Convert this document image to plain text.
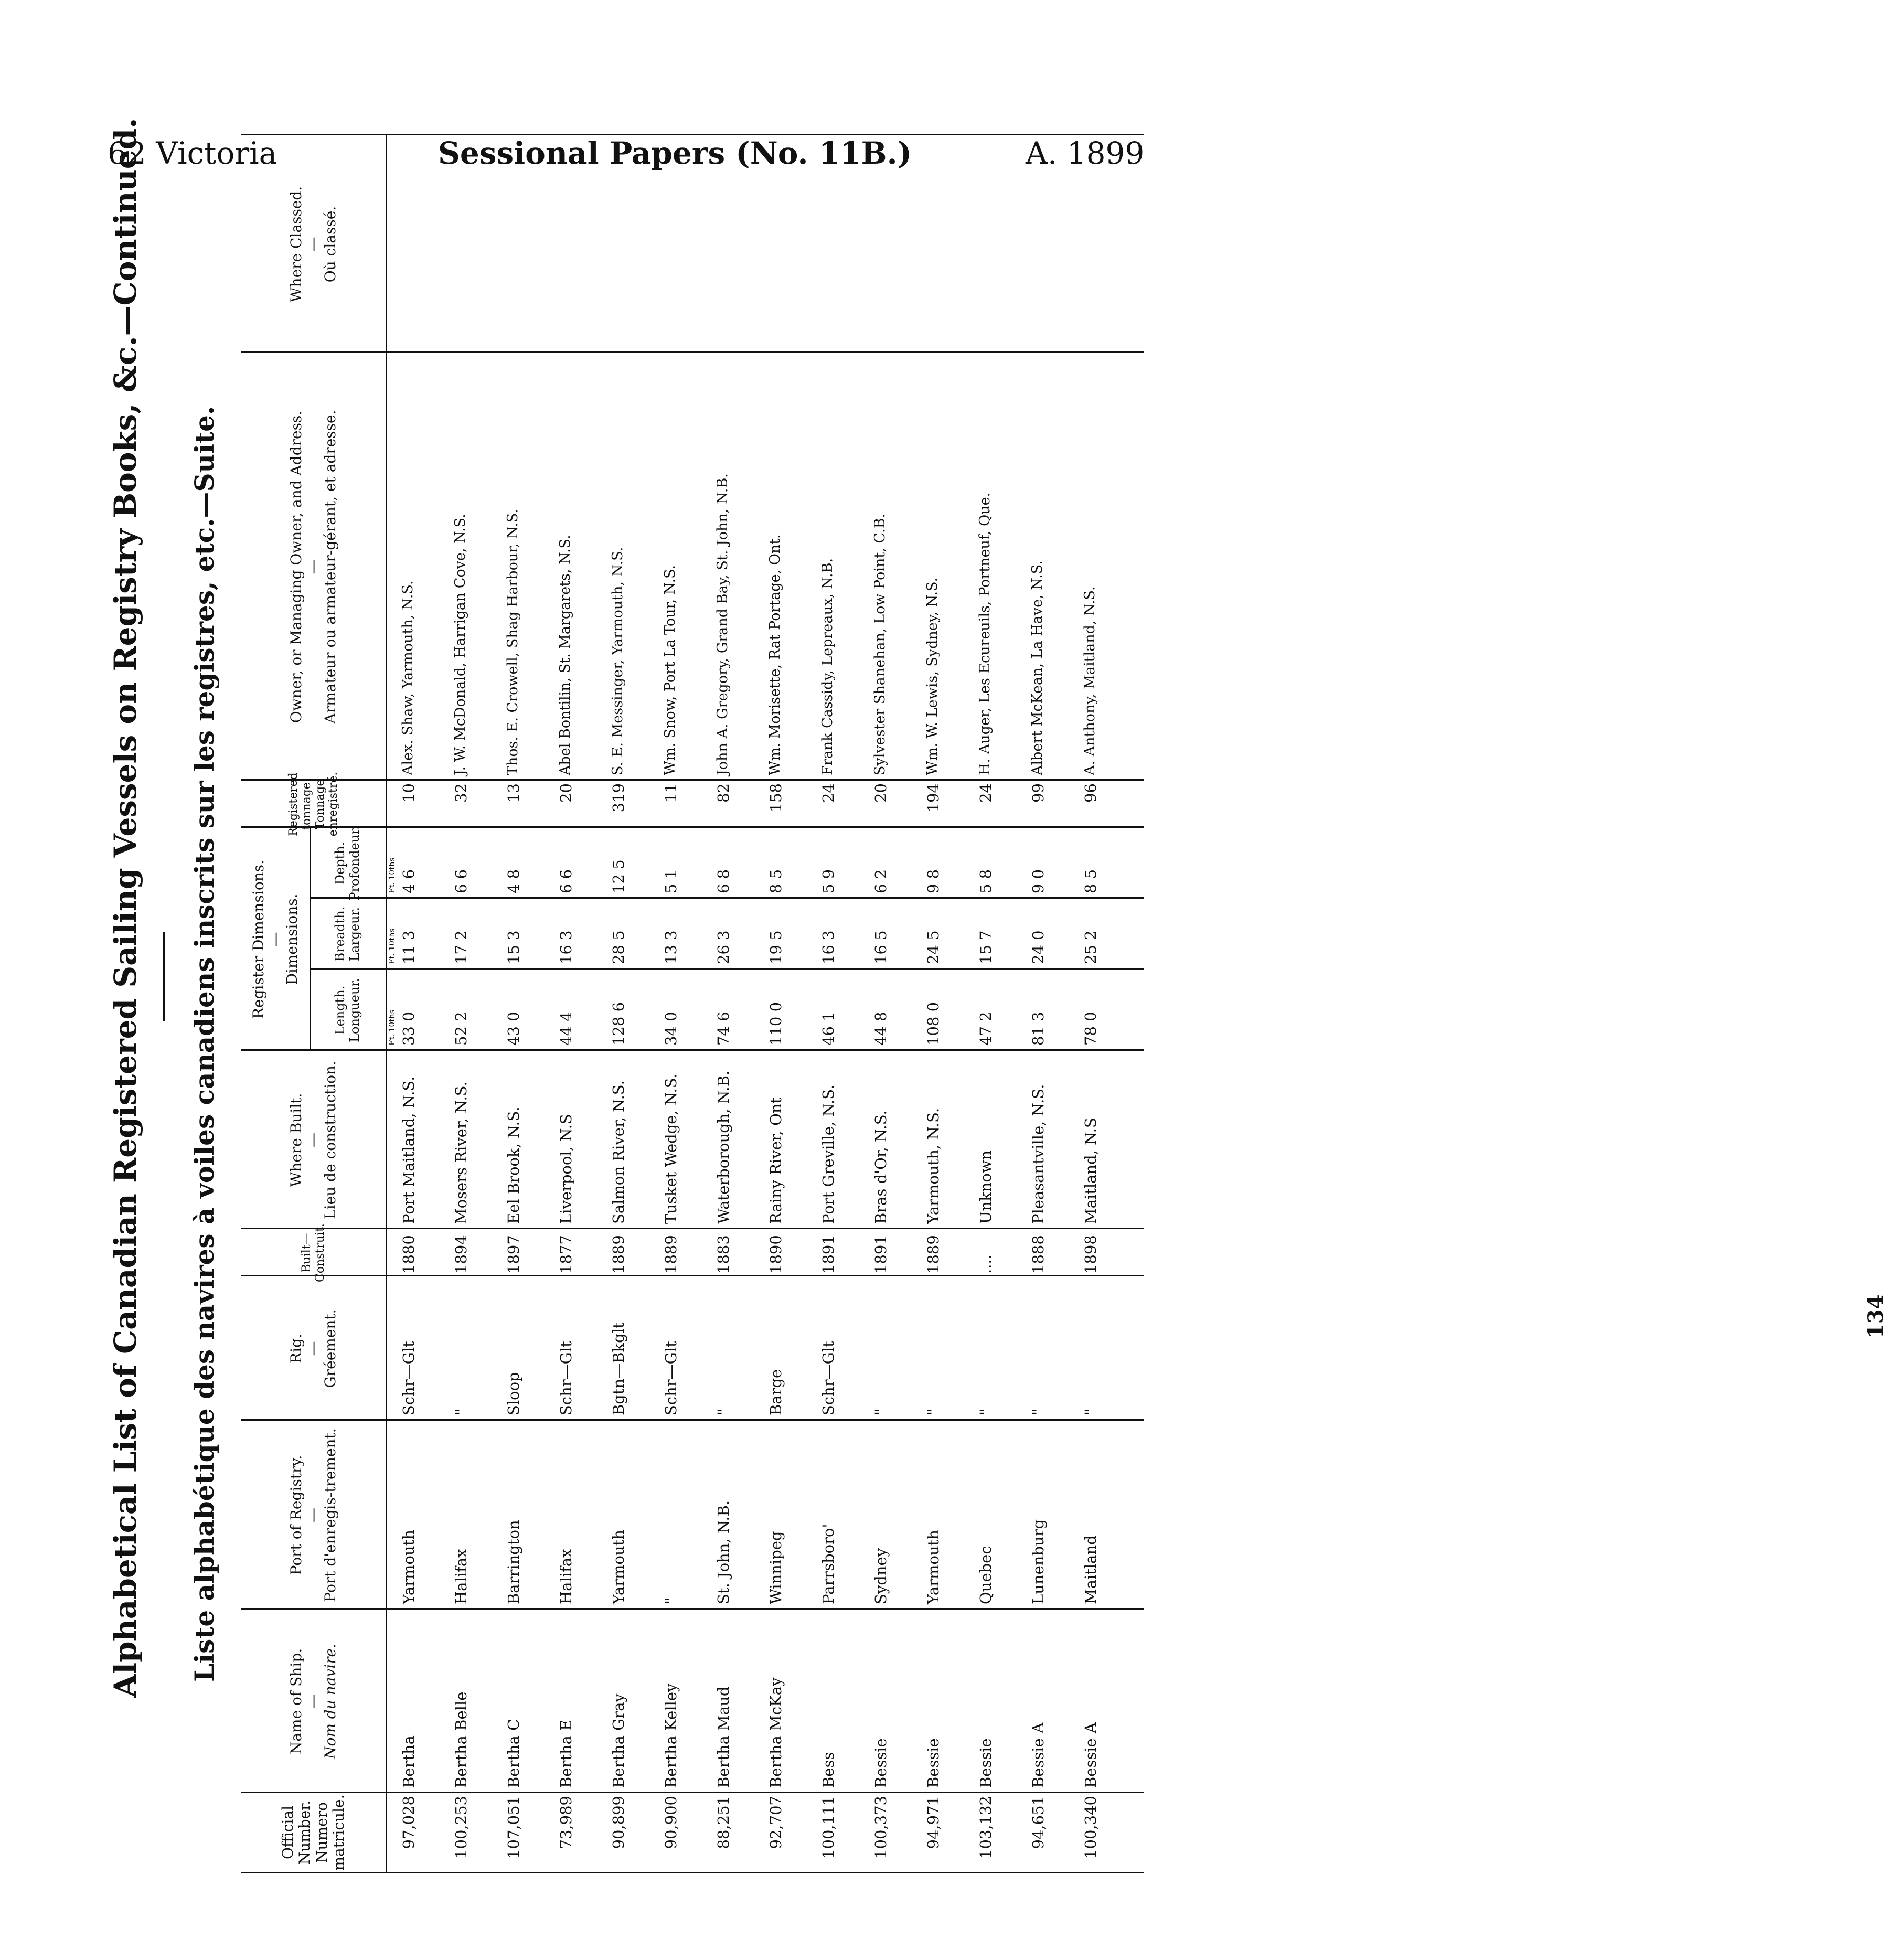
62 Victoria	Sessional Papers (No. 11B.)	A. 1899
Alphabetical List of Canadian Registered Sailing Vessels on Registry Books, &c.—Continued. Liste alphabétique des navires à voiles canadiens inscrits sur les registres, etc.—Suite.
Official Number. Numero matricule.
Name of Ship. — Nom du navire.
Port of Registry. — Port d'enregis-trement.
Rig. — Gréement.
Built—Construit.
Where Built. — Lieu de construction.
Register Dimensions. — Dimensions.
Length. Longueur.
Breadth. Largeur.
Depth. Profondeur.
Registered tonnage. Tonnage enregistré.
Owner, or Managing Owner, and Address. — Armateur ou armateur-gérant, et adresse.
Where Classed. — Où classé.
Ft. 10ths
Ft. 10ths
Ft. 10ths
97,028
Bertha
Yarmouth
Schr—Glt
1880
Port Maitland, N.S.
33 0
11 3
4 6
10
Alex. Shaw, Yarmouth, N.S.
100,253
Bertha Belle
Halifax
"
1894
Mosers River, N.S.
52 2
17 2
6 6
32
J. W. McDonald, Harrigan Cove, N.S.
107,051
Bertha C
Barrington
Sloop
1897
Eel Brook, N.S.
43 0
15 3
4 8
13
Thos. E. Crowell, Shag Harbour, N.S.
73,989
Bertha E
Halifax
Schr—Glt
1877
Liverpool, N.S
44 4
16 3
6 6
20
Abel Bontilin, St. Margarets, N.S.
90,899
Bertha Gray
Yarmouth
Bgtn—Bkglt
1889
Salmon River, N.S.
128 6
28 5
12 5
319
S. E. Messinger, Yarmouth, N.S.
90,900
Bertha Kelley
"
Schr—Glt
1889
Tusket Wedge, N.S.
34 0
13 3
5 1
11
Wm. Snow, Port La Tour, N.S.
88,251
Bertha Maud
St. John, N.B.
"
1883
Waterborough, N.B.
74 6
26 3
6 8
82
John A. Gregory, Grand Bay, St. John, N.B.
92,707
Bertha McKay
Winnipeg
Barge
1890
Rainy River, Ont
110 0
19 5
8 5
158
Wm. Morisette, Rat Portage, Ont.
100,111
Bess
Parrsboro'
Schr—Glt
1891
Port Greville, N.S.
46 1
16 3
5 9
24
Frank Cassidy, Lepreaux, N.B.
100,373
Bessie
Sydney
"
1891
Bras d'Or, N.S.
44 8
16 5
6 2
20
Sylvester Shanehan, Low Point, C.B.
94,971
Bessie
Yarmouth
"
1889
Yarmouth, N.S.
108 0
24 5
9 8
194
Wm. W. Lewis, Sydney, N.S.
103,132
Bessie
Quebec
"
....
Unknown
47 2
15 7
5 8
24
H. Auger, Les Ecureuils, Portneuf, Que.
94,651
Bessie A
Lunenburg
"
1888
Pleasantville, N.S.
81 3
24 0
9 0
99
Albert McKean, La Have, N.S.
100,340
Bessie A
Maitland
"
1898
Maitland, N.S
78 0
25 2
8 5
96
A. Anthony, Maitland, N.S.
134
